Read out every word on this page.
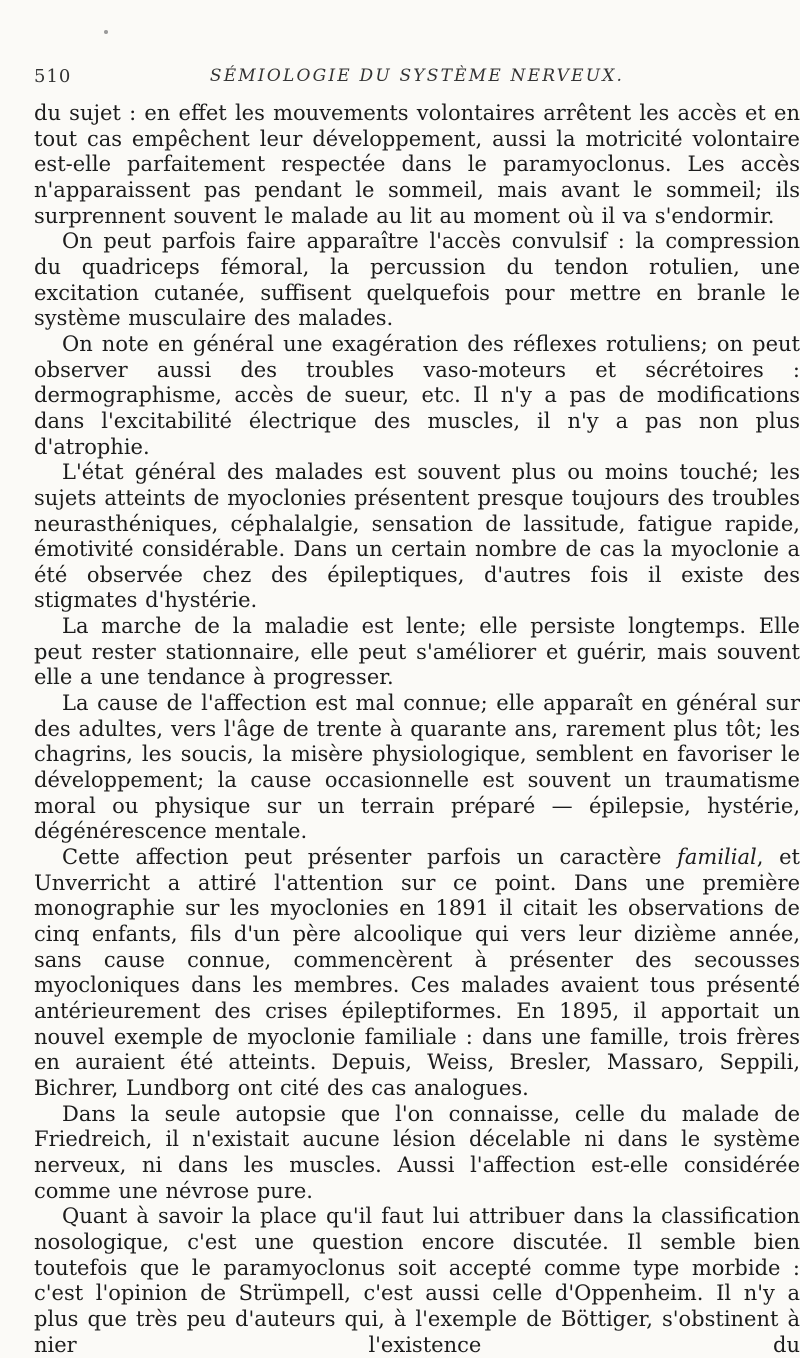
510	SÉMIOLOGIE DU SYSTÈME NERVEUX.

du sujet : en effet les mouvements volontaires arrêtent les accès et en tout cas empêchent leur développement, aussi la motricité volontaire est-elle parfaitement respectée dans le paramyoclonus. Les accès n'apparaissent pas pendant le sommeil, mais avant le sommeil; ils surprennent souvent le malade au lit au moment où il va s'endormir.

On peut parfois faire apparaître l'accès convulsif : la compression du quadriceps fémoral, la percussion du tendon rotulien, une excitation cutanée, suffisent quelquefois pour mettre en branle le système musculaire des malades.

On note en général une exagération des réflexes rotuliens; on peut observer aussi des troubles vaso-moteurs et sécrétoires : dermographisme, accès de sueur, etc. Il n'y a pas de modifications dans l'excitabilité électrique des muscles, il n'y a pas non plus d'atrophie.

L'état général des malades est souvent plus ou moins touché; les sujets atteints de myoclonies présentent presque toujours des troubles neurasthéniques, céphalalgie, sensation de lassitude, fatigue rapide, émotivité considérable. Dans un certain nombre de cas la myoclonie a été observée chez des épileptiques, d'autres fois il existe des stigmates d'hystérie.

La marche de la maladie est lente; elle persiste longtemps. Elle peut rester stationnaire, elle peut s'améliorer et guérir, mais souvent elle a une tendance à progresser.

La cause de l'affection est mal connue; elle apparaît en général sur des adultes, vers l'âge de trente à quarante ans, rarement plus tôt; les chagrins, les soucis, la misère physiologique, semblent en favoriser le développement; la cause occasionnelle est souvent un traumatisme moral ou physique sur un terrain préparé — épilepsie, hystérie, dégénérescence mentale.

Cette affection peut présenter parfois un caractère familial, et Unverricht a attiré l'attention sur ce point. Dans une première monographie sur les myoclonies en 1891 il citait les observations de cinq enfants, fils d'un père alcoolique qui vers leur dizième année, sans cause connue, commencèrent à présenter des secousses myocloniques dans les membres. Ces malades avaient tous présenté antérieurement des crises épileptiformes. En 1895, il apportait un nouvel exemple de myoclonie familiale : dans une famille, trois frères en auraient été atteints. Depuis, Weiss, Bresler, Massaro, Seppili, Bichrer, Lundborg ont cité des cas analogues.

Dans la seule autopsie que l'on connaisse, celle du malade de Friedreich, il n'existait aucune lésion décelable ni dans le système nerveux, ni dans les muscles. Aussi l'affection est-elle considérée comme une névrose pure.

Quant à savoir la place qu'il faut lui attribuer dans la classification nosologique, c'est une question encore discutée. Il semble bien toutefois que le paramyoclonus soit accepté comme type morbide : c'est l'opinion de Strümpell, c'est aussi celle d'Oppenheim. Il n'y a plus que très peu d'auteurs qui, à l'exemple de Böttiger, s'obstinent à nier l'existence du
